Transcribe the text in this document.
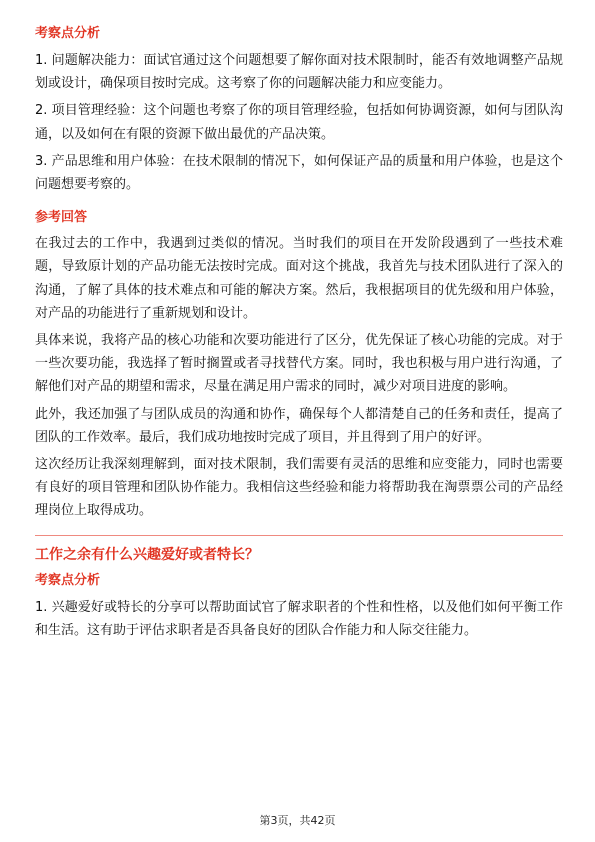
考察点分析

1. 问题解决能力：面试官通过这个问题想要了解你面对技术限制时，能否有效地调整产品规划或设计，确保项目按时完成。这考察了你的问题解决能力和应变能力。

2. 项目管理经验：这个问题也考察了你的项目管理经验，包括如何协调资源，如何与团队沟通，以及如何在有限的资源下做出最优的产品决策。

3. 产品思维和用户体验：在技术限制的情况下，如何保证产品的质量和用户体验，也是这个问题想要考察的。

参考回答

在我过去的工作中，我遇到过类似的情况。当时我们的项目在开发阶段遇到了一些技术难题，导致原计划的产品功能无法按时完成。面对这个挑战，我首先与技术团队进行了深入的沟通，了解了具体的技术难点和可能的解决方案。然后，我根据项目的优先级和用户体验，对产品的功能进行了重新规划和设计。

具体来说，我将产品的核心功能和次要功能进行了区分，优先保证了核心功能的完成。对于一些次要功能，我选择了暂时搁置或者寻找替代方案。同时，我也积极与用户进行沟通，了解他们对产品的期望和需求，尽量在满足用户需求的同时，减少对项目进度的影响。

此外，我还加强了与团队成员的沟通和协作，确保每个人都清楚自己的任务和责任，提高了团队的工作效率。最后，我们成功地按时完成了项目，并且得到了用户的好评。

这次经历让我深刻理解到，面对技术限制，我们需要有灵活的思维和应变能力，同时也需要有良好的项目管理和团队协作能力。我相信这些经验和能力将帮助我在淘票票公司的产品经理岗位上取得成功。

工作之余有什么兴趣爱好或者特长？
考察点分析

1. 兴趣爱好或特长的分享可以帮助面试官了解求职者的个性和性格，以及他们如何平衡工作和生活。这有助于评估求职者是否具备良好的团队合作能力和人际交往能力。

第3页，共42页
